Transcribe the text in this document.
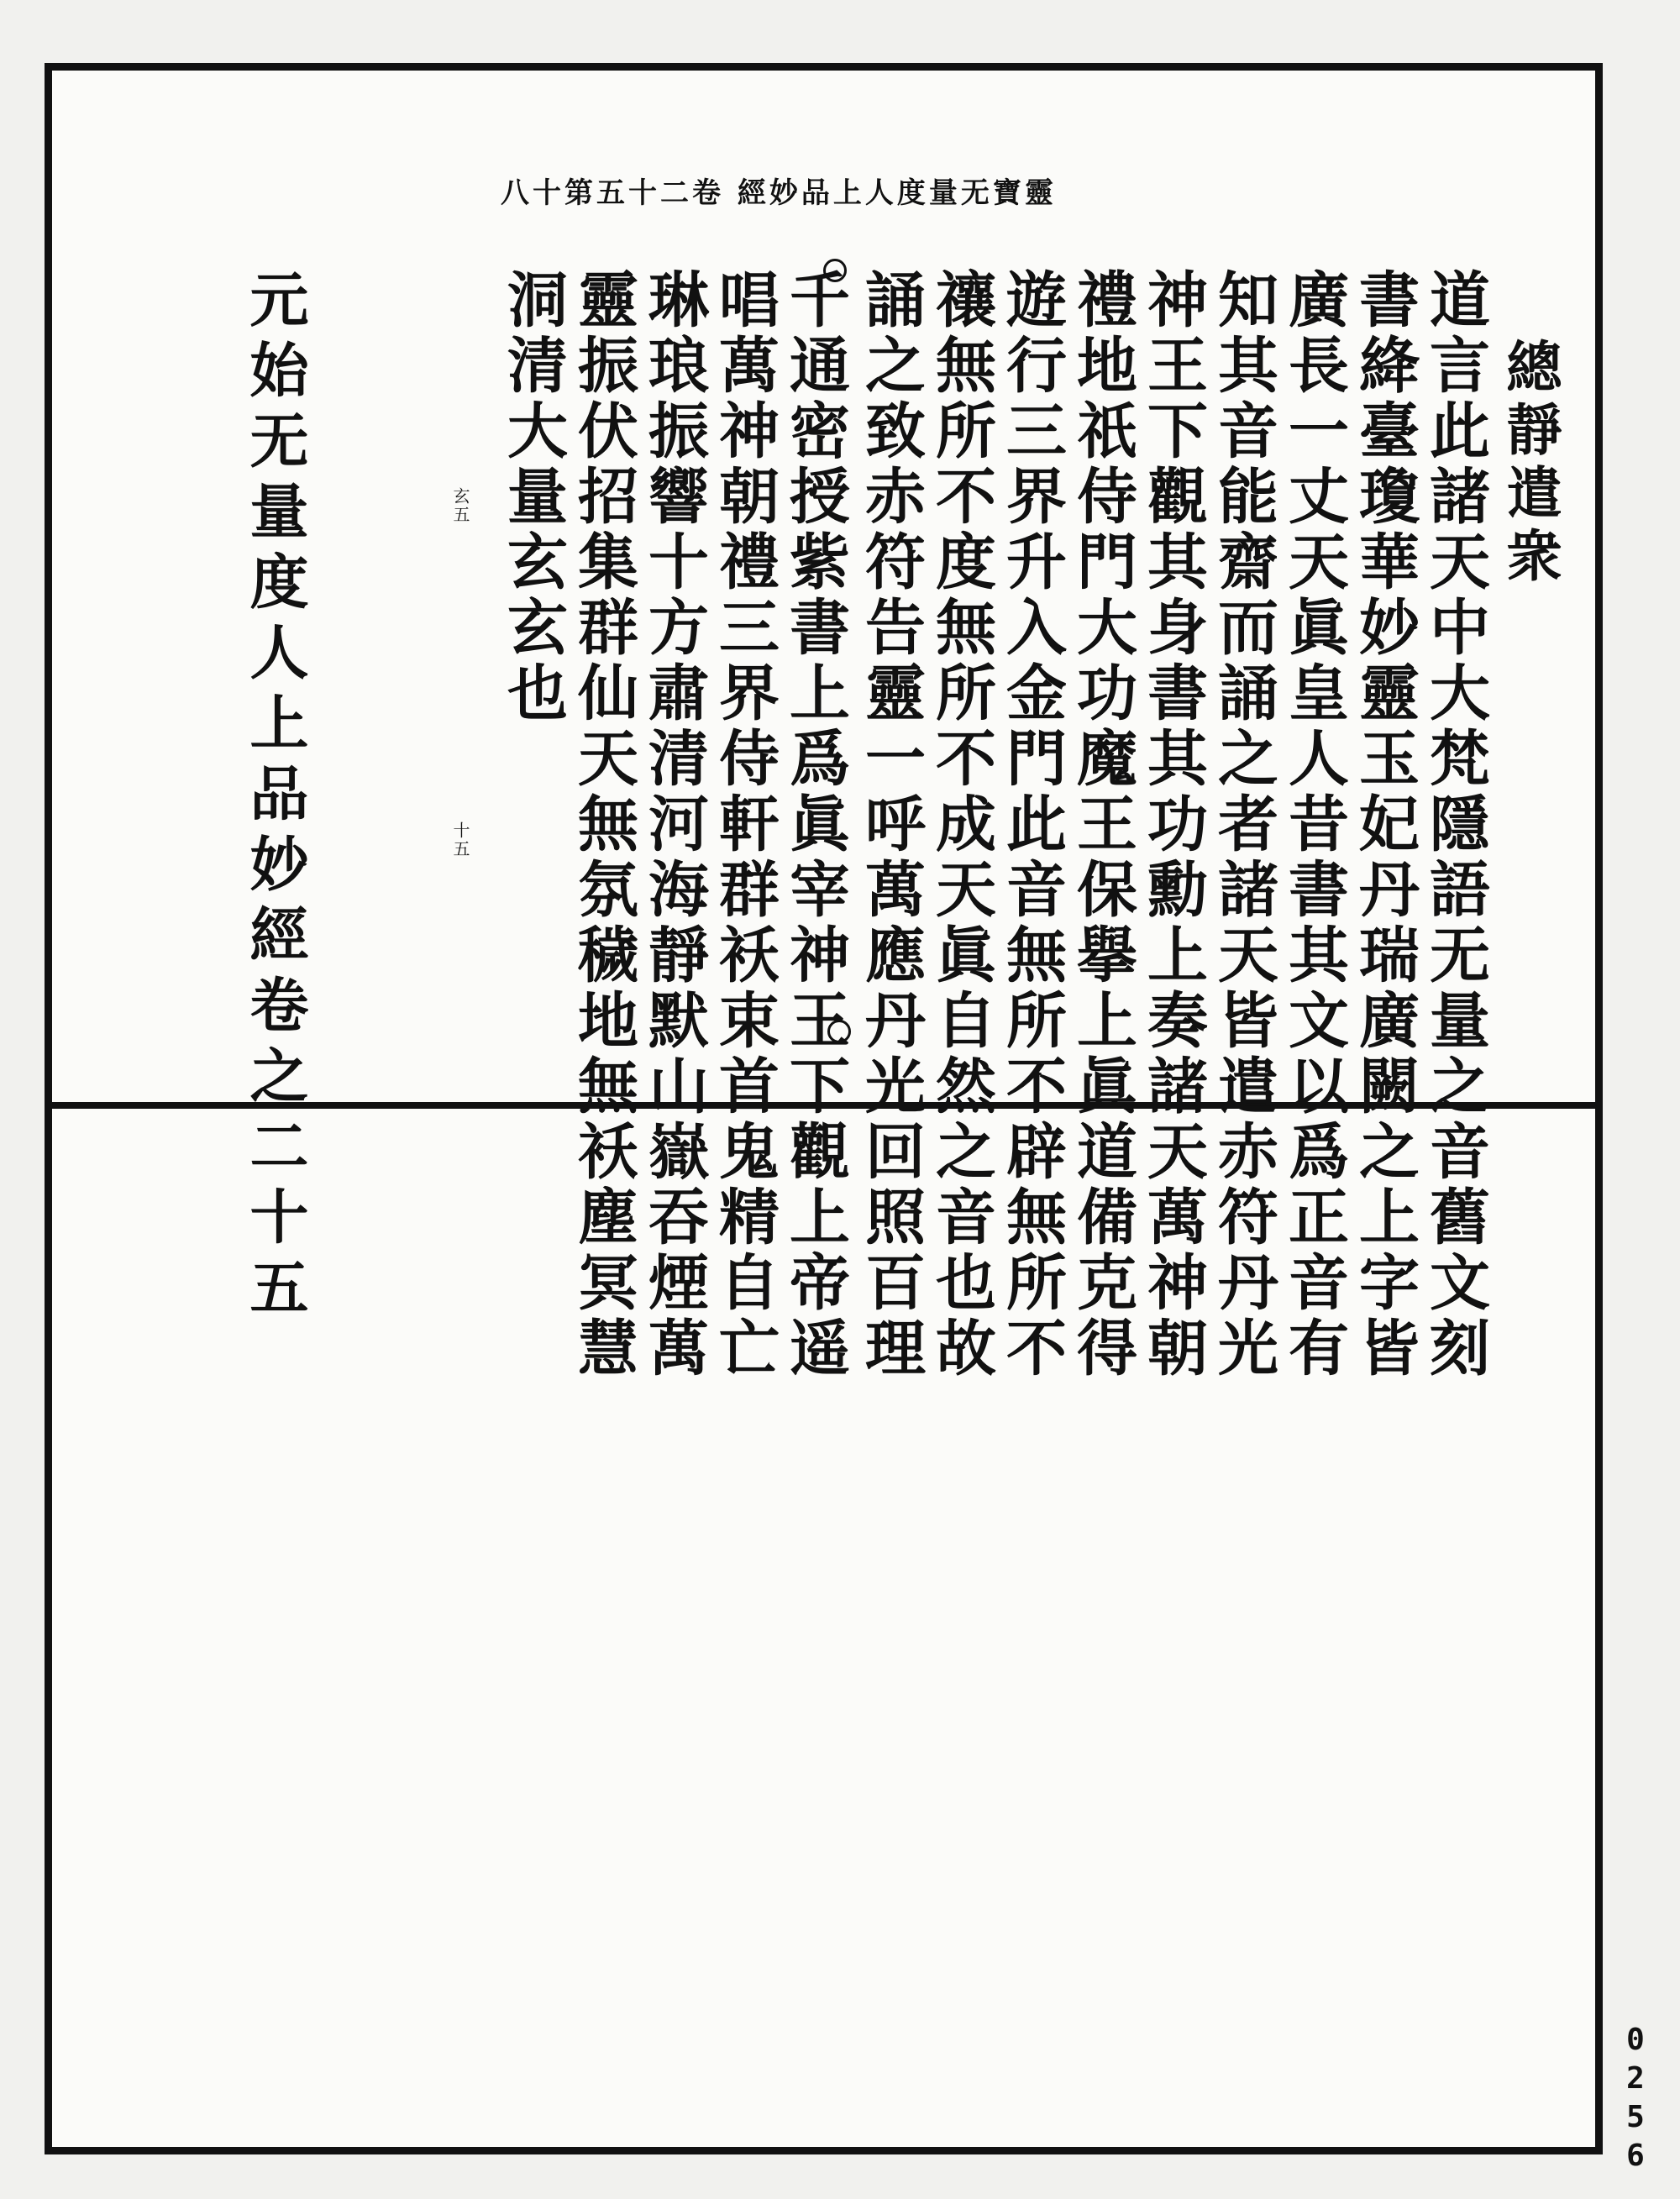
靈寶无量度人上品妙經 卷二十五第十八
總靜遣衆
道言此諸天中大梵隱語无量之音舊文刻
書絳臺瓊華妙靈玉妃丹瑞廣闕之上字皆
廣長一丈天眞皇人昔書其文以爲正音有
知其音能齋而誦之者諸天皆遣赤符丹光
神王下觀其身書其功勳上奏諸天萬神朝
禮地祇侍門大功魔王保擧上眞道備克得
遊行三界升入金門此音無所不辟無所不
禳無所不度無所不成天眞自然之音也故
誦之致赤符告靈一呼萬應丹光回照百理
千通密授紫書上爲眞宰神王下觀上帝遥
唱萬神朝禮三界侍軒群袄束首鬼精自亡
琳琅振響十方肅清河海靜默山嶽吞煙萬
靈振伏招集群仙天無氛穢地無袄塵冥慧
洞清大量玄玄也
玄五
十五
元始无量度人上品妙經卷之二十五
0256
